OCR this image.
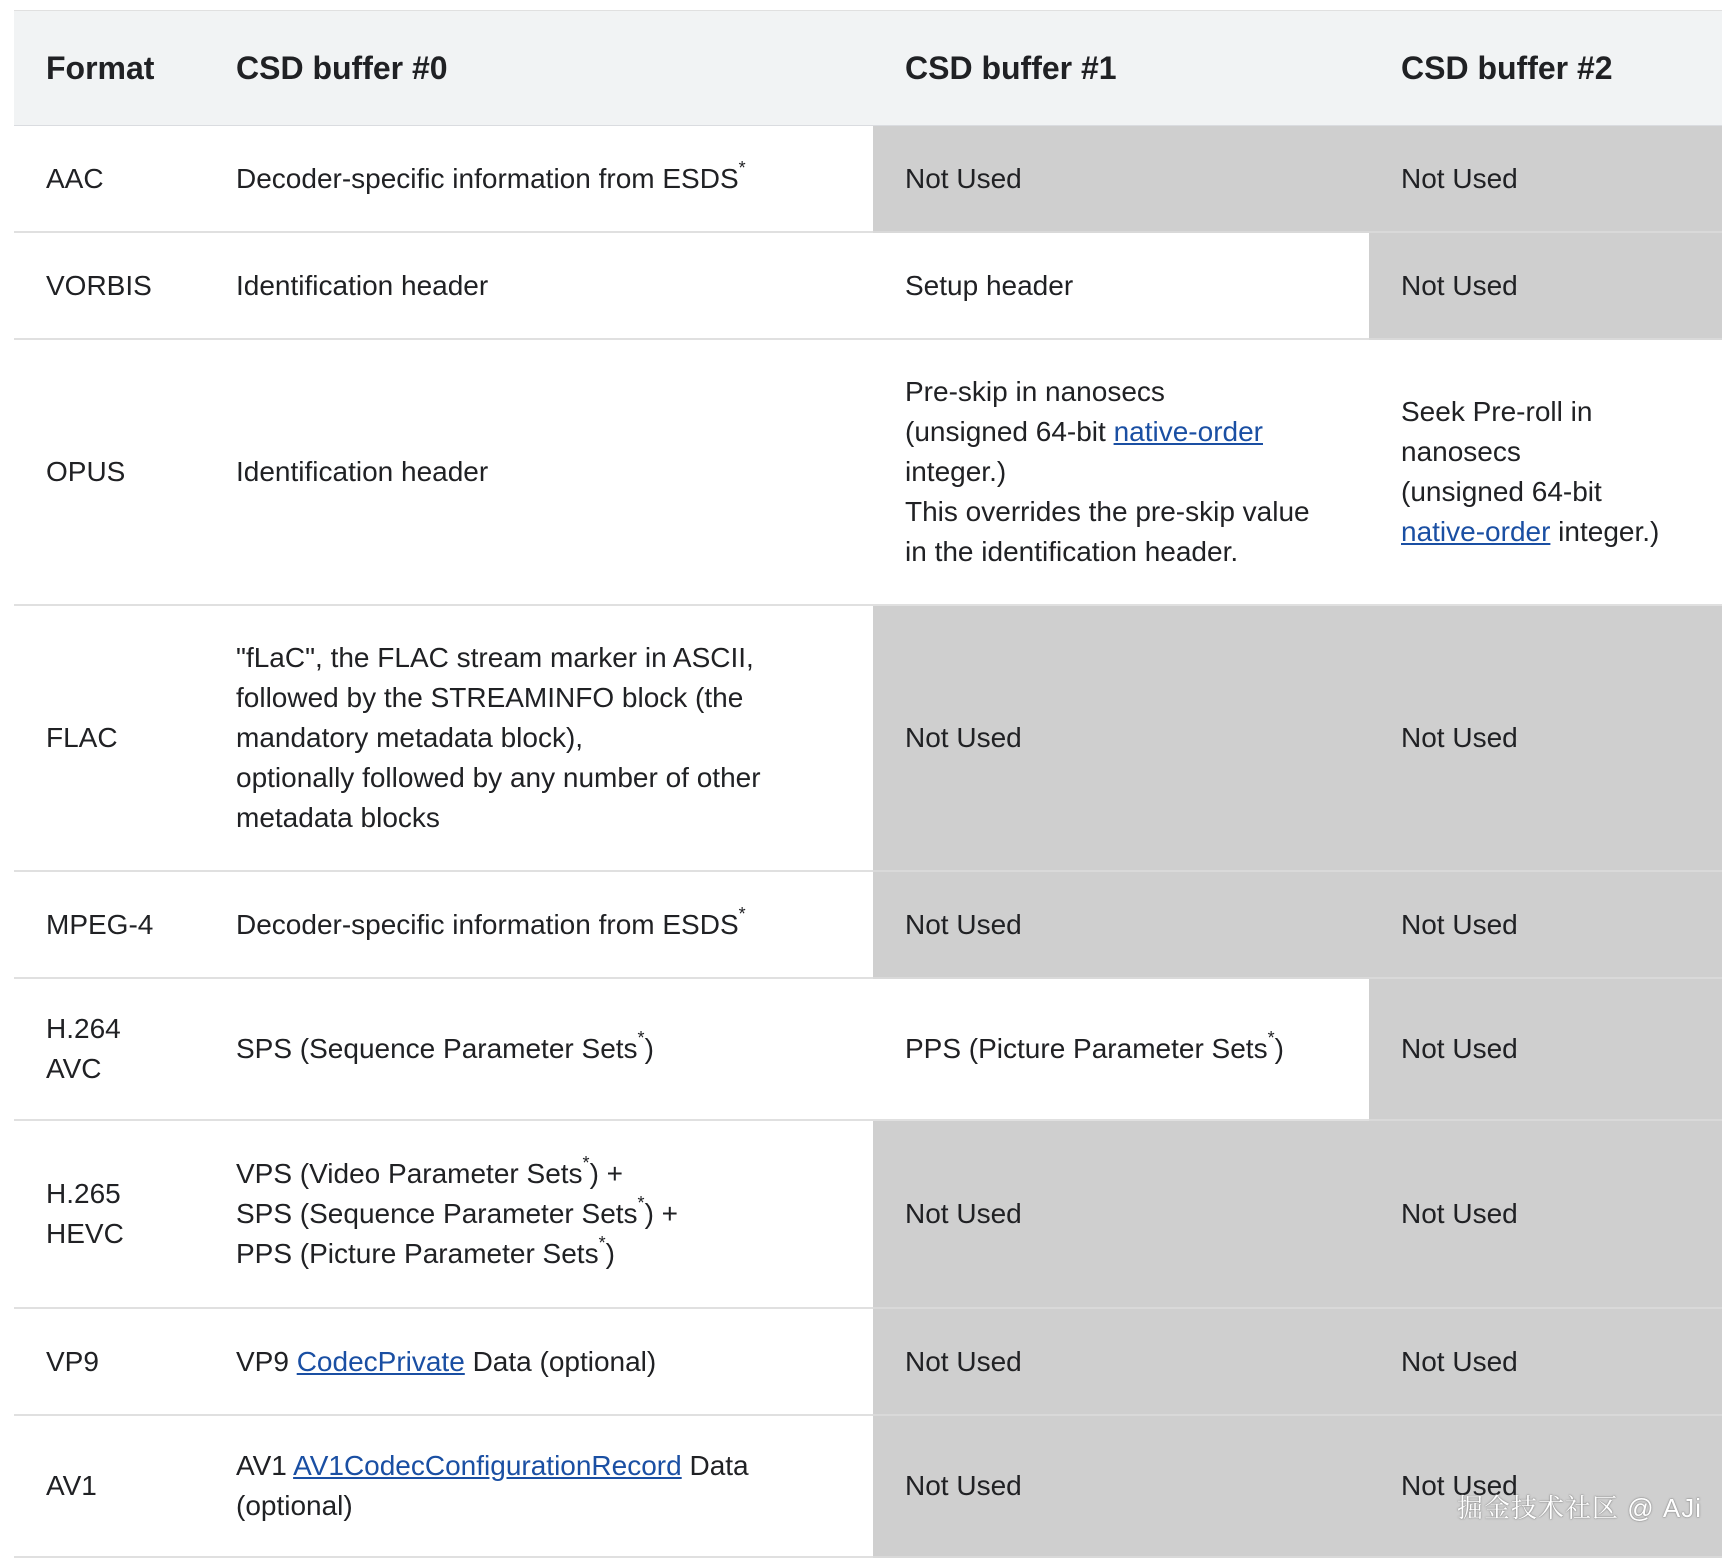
Format	CSD buffer #0	CSD buffer #1	CSD buffer #2
AAC	Decoder-specific information from ESDS*	Not Used	Not Used
VORBIS	Identification header	Setup header	Not Used
OPUS	Identification header	Pre-skip in nanosecs
(unsigned 64-bit native-order
integer.)
This overrides the pre-skip value
in the identification header.	Seek Pre-roll in
nanosecs
(unsigned 64-bit
native-order integer.)

FLAC	"fLaC", the FLAC stream marker in ASCII,
followed by the STREAMINFO block (the
mandatory metadata block),
optionally followed by any number of other
metadata blocks	Not Used	Not Used
MPEG-4	Decoder-specific information from ESDS*	Not Used	Not Used

H.264
AVC	SPS (Sequence Parameter Sets*)	PPS (Picture Parameter Sets*)	Not Used

H.265
HEVC	VPS (Video Parameter Sets*) +
SPS (Sequence Parameter Sets*) +
PPS (Picture Parameter Sets*)	Not Used	Not Used
VP9	VP9 CodecPrivate Data (optional)	Not Used	Not Used
AV1	AV1 AV1CodecConfigurationRecord Data
(optional)	Not Used	Not Used
掘金技术社区 @ AJi
